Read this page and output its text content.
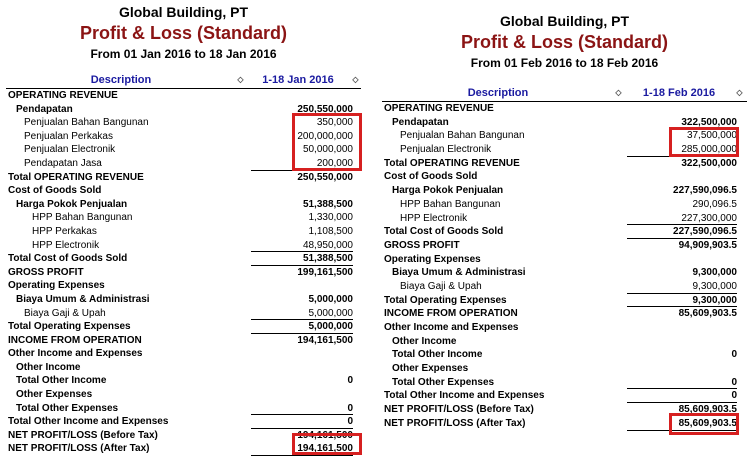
Global Building, PT
Profit & Loss (Standard)
From 01 Jan 2016 to 18 Jan 2016
Description	◇	1-18 Jan 2016	◇
OPERATING REVENUE
Pendapatan	250,550,000
Penjualan Bahan Bangunan	350,000
Penjualan Perkakas	200,000,000
Penjualan Electronik	50,000,000
Pendapatan Jasa	200,000
Total OPERATING REVENUE	250,550,000
Cost of Goods Sold
Harga Pokok Penjualan	51,388,500
HPP Bahan Bangunan	1,330,000
HPP Perkakas	1,108,500
HPP Electronik	48,950,000
Total Cost of Goods Sold	51,388,500
GROSS PROFIT	199,161,500
Operating Expenses
Biaya Umum & Administrasi	5,000,000
Biaya Gaji & Upah	5,000,000
Total Operating Expenses	5,000,000
INCOME FROM OPERATION	194,161,500
Other Income and Expenses
Other Income
Total Other Income	0
Other Expenses
Total Other Expenses	0
Total Other Income and Expenses	0
NET PROFIT/LOSS (Before Tax)	194,161,500
NET PROFIT/LOSS (After Tax)	194,161,500
Global Building, PT
Profit & Loss (Standard)
From 01 Feb 2016 to 18 Feb 2016
Description	◇	1-18 Feb 2016	◇
OPERATING REVENUE
Pendapatan	322,500,000
Penjualan Bahan Bangunan	37,500,000
Penjualan Electronik	285,000,000
Total OPERATING REVENUE	322,500,000
Cost of Goods Sold
Harga Pokok Penjualan	227,590,096.5
HPP Bahan Bangunan	290,096.5
HPP Electronik	227,300,000
Total Cost of Goods Sold	227,590,096.5
GROSS PROFIT	94,909,903.5
Operating Expenses
Biaya Umum & Administrasi	9,300,000
Biaya Gaji & Upah	9,300,000
Total Operating Expenses	9,300,000
INCOME FROM OPERATION	85,609,903.5
Other Income and Expenses
Other Income
Total Other Income	0
Other Expenses
Total Other Expenses	0
Total Other Income and Expenses	0
NET PROFIT/LOSS (Before Tax)	85,609,903.5
NET PROFIT/LOSS (After Tax)	85,609,903.5
